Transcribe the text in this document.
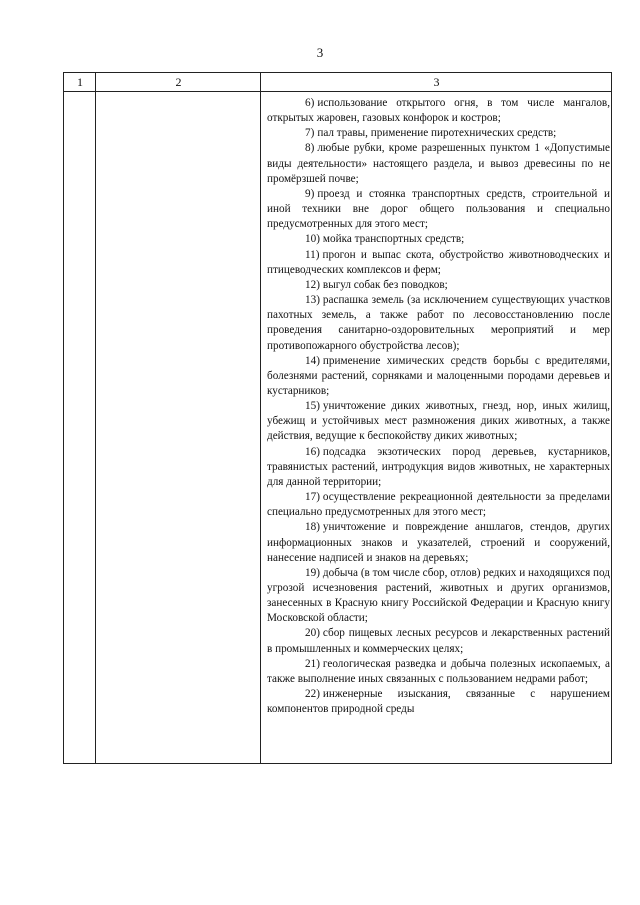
3
1	2	3

6) использование открытого огня, в том числе мангалов, открытых жаровен, газовых конфорок и костров;

7) пал травы, применение пиротехнических средств;

8) любые рубки, кроме разрешенных пунктом 1 «Допустимые виды деятельности» настоящего раздела, и вывоз древесины по не промёрзшей почве;

9) проезд и стоянка транспортных средств, строительной и иной техники вне дорог общего пользования и специально предусмотренных для этого мест;

10) мойка транспортных средств;

11) прогон и выпас скота, обустройство животноводческих и птицеводческих комплексов и ферм;

12) выгул собак без поводков;

13) распашка земель (за исключением существующих участков пахотных земель, а также работ по лесовосстановлению после проведения санитарно-оздоровительных мероприятий и мер противопожарного обустройства лесов);

14) применение химических средств борьбы с вредителями, болезнями растений, сорняками и малоценными породами деревьев и кустарников;

15) уничтожение диких животных, гнезд, нор, иных жилищ, убежищ и устойчивых мест размножения диких животных, а также действия, ведущие к беспокойству диких животных;

16) подсадка экзотических пород деревьев, кустарников, травянистых растений, интродукция видов животных, не характерных для данной территории;

17) осуществление рекреационной деятельности за пределами специально предусмотренных для этого мест;

18) уничтожение и повреждение аншлагов, стендов, других информационных знаков и указателей, строений и сооружений, нанесение надписей и знаков на деревьях;

19) добыча (в том числе сбор, отлов) редких и находящихся под угрозой исчезновения растений, животных и других организмов, занесенных в Красную книгу Российской Федерации и Красную книгу Московской области;

20) сбор пищевых лесных ресурсов и лекарственных растений в промышленных и коммерческих целях;

21) геологическая разведка и добыча полезных ископаемых, а также выполнение иных связанных с пользованием недрами работ;

22) инженерные изыскания, связанные с нарушением компонентов природной среды
